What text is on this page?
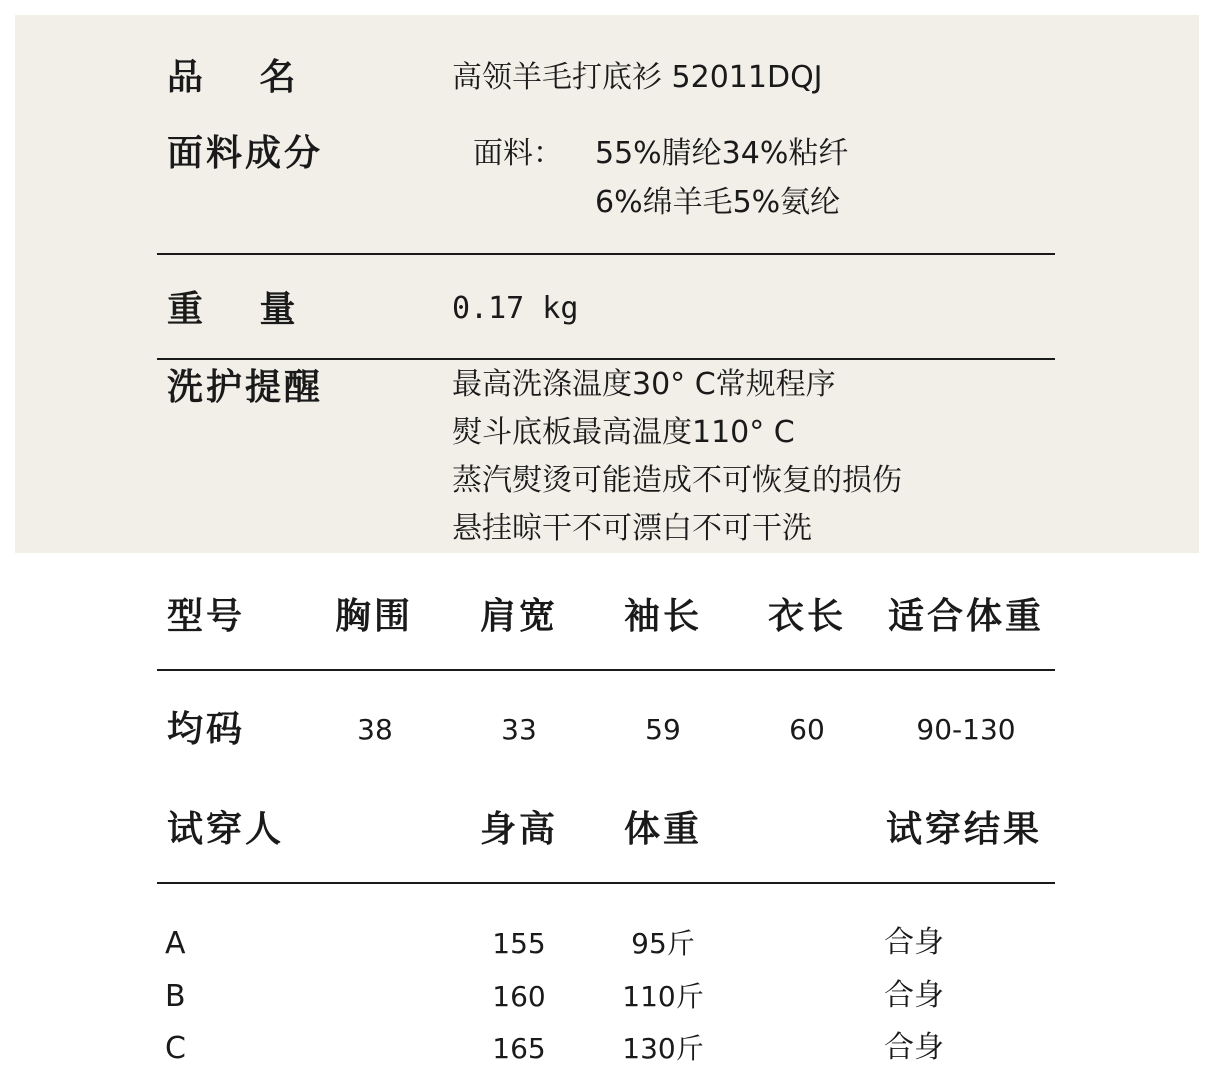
品 名	高领羊毛打底衫 52011DQJ
面料成分	面料： 55%腈纶34%粘纤
6%绵羊毛5%氨纶
重 量	0.17 kg
洗护提醒	最高洗涤温度30° C常规程序
熨斗底板最高温度110° C
蒸汽熨烫可能造成不可恢复的损伤
悬挂晾干不可漂白不可干洗
型号 胸围 肩宽 袖长 衣长 适合体重
均码	38	33	59	60	90-130
试穿人	身高 体重	试穿结果
A	155	95斤	合身
B	160	110斤	合身
C	165	130斤	合身
